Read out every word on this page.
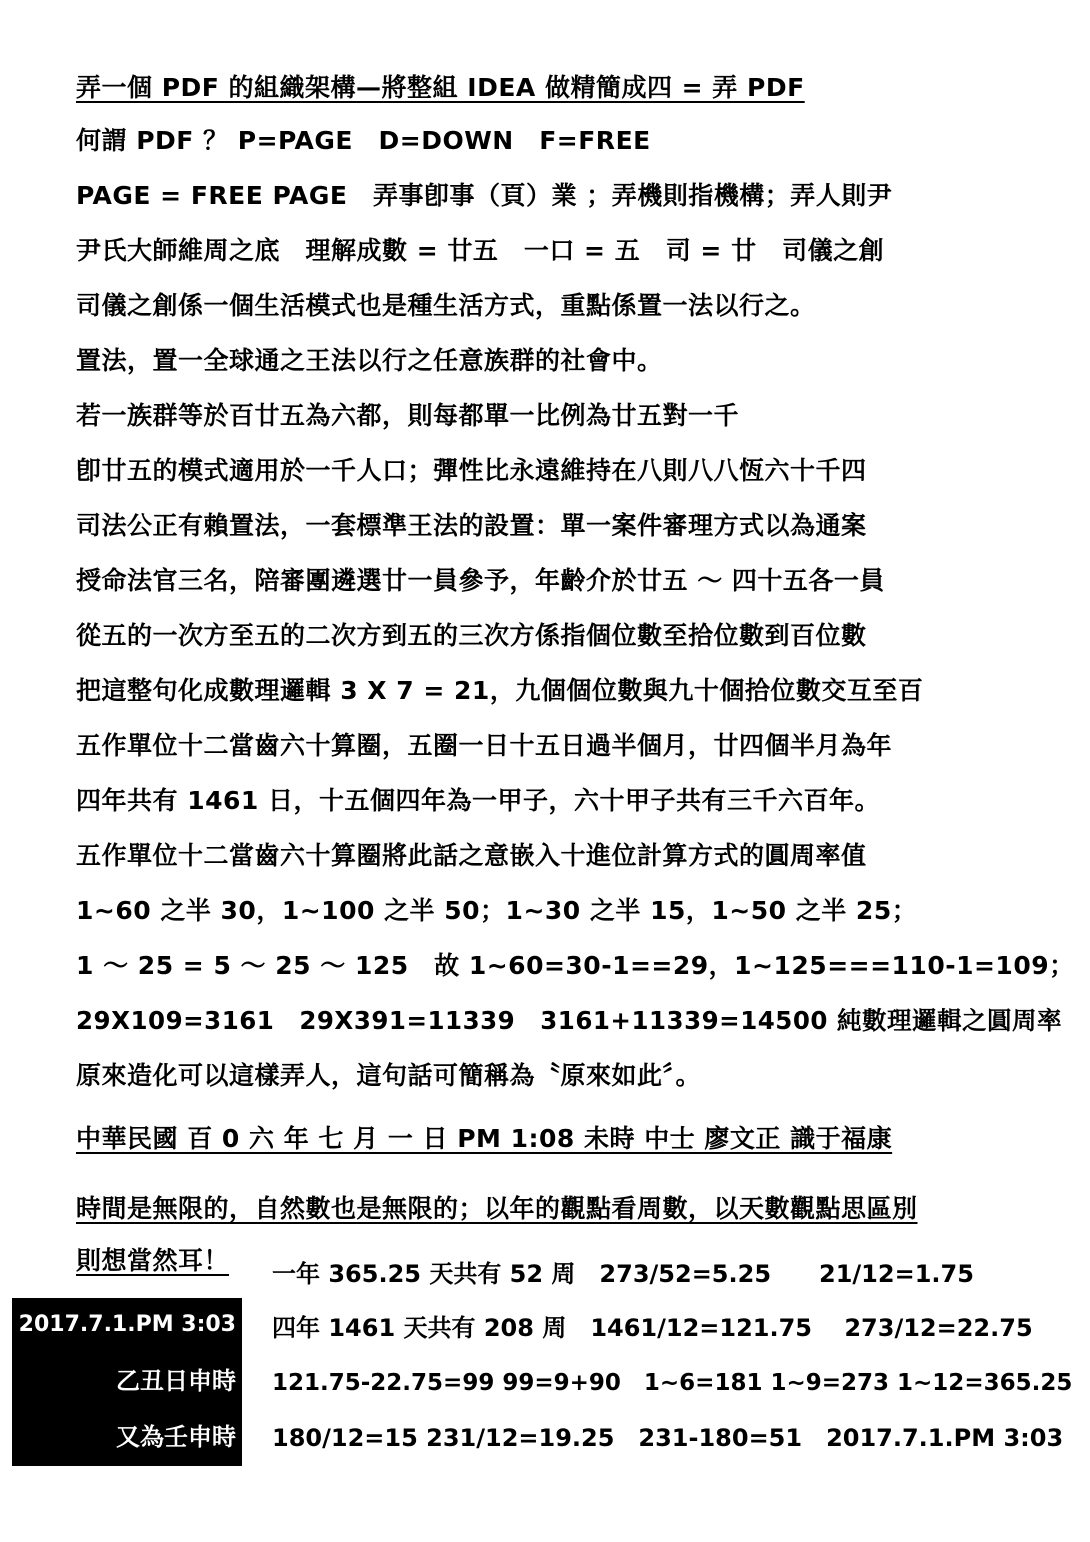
弄一個 PDF 的組織架構—將整組 IDEA 做精簡成四 = 弄 PDF
何謂 PDF ？ P=PAGE　D=DOWN　F=FREE
PAGE = FREE PAGE　弄事卽事（頁）業 ；弄機則指機構；弄人則尹
尹氏大師維周之底　理解成數 = 廿五　一口 = 五　司 = 廿　司儀之創
司儀之創係一個生活模式也是種生活方式，重點係置一法以行之。
置法，置一全球通之王法以行之任意族群的社會中。
若一族群等於百廿五為六都，則每都單一比例為廿五對一千
卽廿五的模式適用於一千人口；彈性比永遠維持在八則八八恆六十千四
司法公正有賴置法，一套標準王法的設置：單一案件審理方式以為通案
授命法官三名，陪審團遴選廿一員參予，年齡介於廿五 ～ 四十五各一員
從五的一次方至五的二次方到五的三次方係指個位數至拾位數到百位數
把這整句化成數理邏輯 3 X 7 = 21，九個個位數與九十個拾位數交互至百
五作單位十二當齒六十算圈，五圈一日十五日過半個月，廿四個半月為年
四年共有 1461 日，十五個四年為一甲子，六十甲子共有三千六百年。
五作單位十二當齒六十算圈將此話之意嵌入十進位計算方式的圓周率值
1~60 之半 30，1~100 之半 50；1~30 之半 15，1~50 之半 25；
1 ～ 25 = 5 ～ 25 ～ 125　故 1~60=30-1==29，1~125===110-1=109；
29X109=3161　29X391=11339　3161+11339=14500 純數理邏輯之圓周率
原來造化可以這樣弄人，這句話可簡稱為〝原來如此〞。
中華民國 百 0 六 年 七 月 一 日 PM 1:08 未時 中士 廖文正 識于福康
時間是無限的，自然數也是無限的；以年的觀點看周數，以天數觀點思區別
則想當然耳！
2017.7.1.PM 3:03
乙丑日申時
又為壬申時
一年 365.25 天共有 52 周　273/52=5.25　　21/12=1.75
四年 1461 天共有 208 周　1461/12=121.75　 273/12=22.75
121.75-22.75=99 99=9+90　1~6=181 1~9=273 1~12=365.25
180/12=15 231/12=19.25　231-180=51　2017.7.1.PM 3:03
